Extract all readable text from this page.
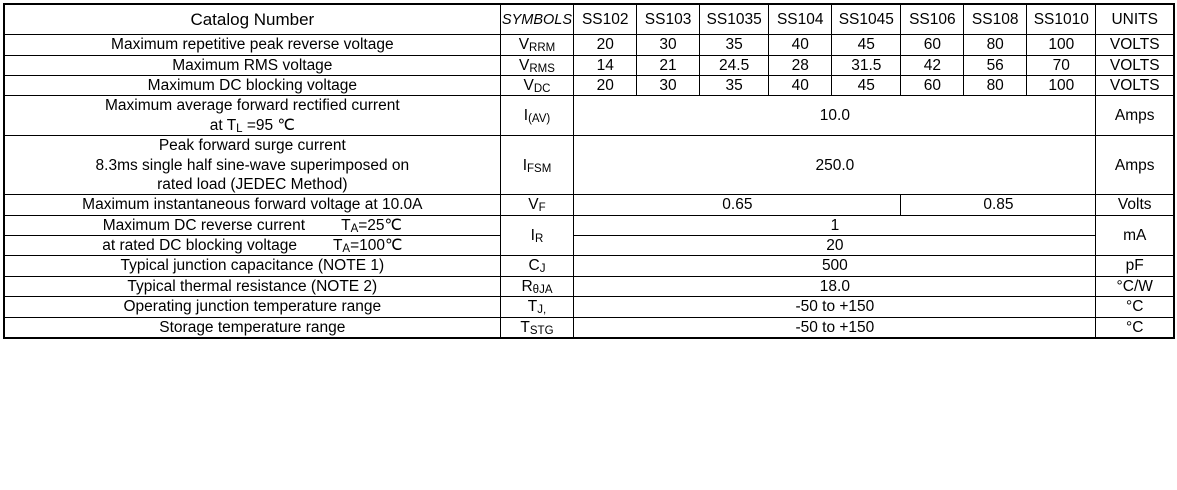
Catalog Number	SYMBOLS	SS102	SS103	SS1035	SS104	SS1045	SS106	SS108	SS1010	UNITS
Maximum repetitive peak reverse voltage	VRRM	20	30	35	40	45	60	80	100	VOLTS
Maximum RMS voltage	VRMS	14	21	24.5	28	31.5	42	56	70	VOLTS
Maximum DC blocking voltage	VDC	20	30	35	40	45	60	80	100	VOLTS

Maximum average forward rectified current
at TL =95 ℃	I(AV)	10.0								Amps

Peak forward surge current
8.3ms single half sine-wave superimposed on
rated load (JEDEC Method)	IFSM	250.0								Amps
Maximum instantaneous forward voltage at 10.0A	VF	0.65					0.85			Volts
Maximum DC reverse current TA=25℃	IR	1								mA
at rated DC blocking voltage TA=100℃		20								
Typical junction capacitance (NOTE 1)	CJ	500								pF
Typical thermal resistance (NOTE 2)	RθJA	18.0								°C/W
Operating junction temperature range	TJ,	-50 to +150								°C
Storage temperature range	TSTG	-50 to +150								°C
